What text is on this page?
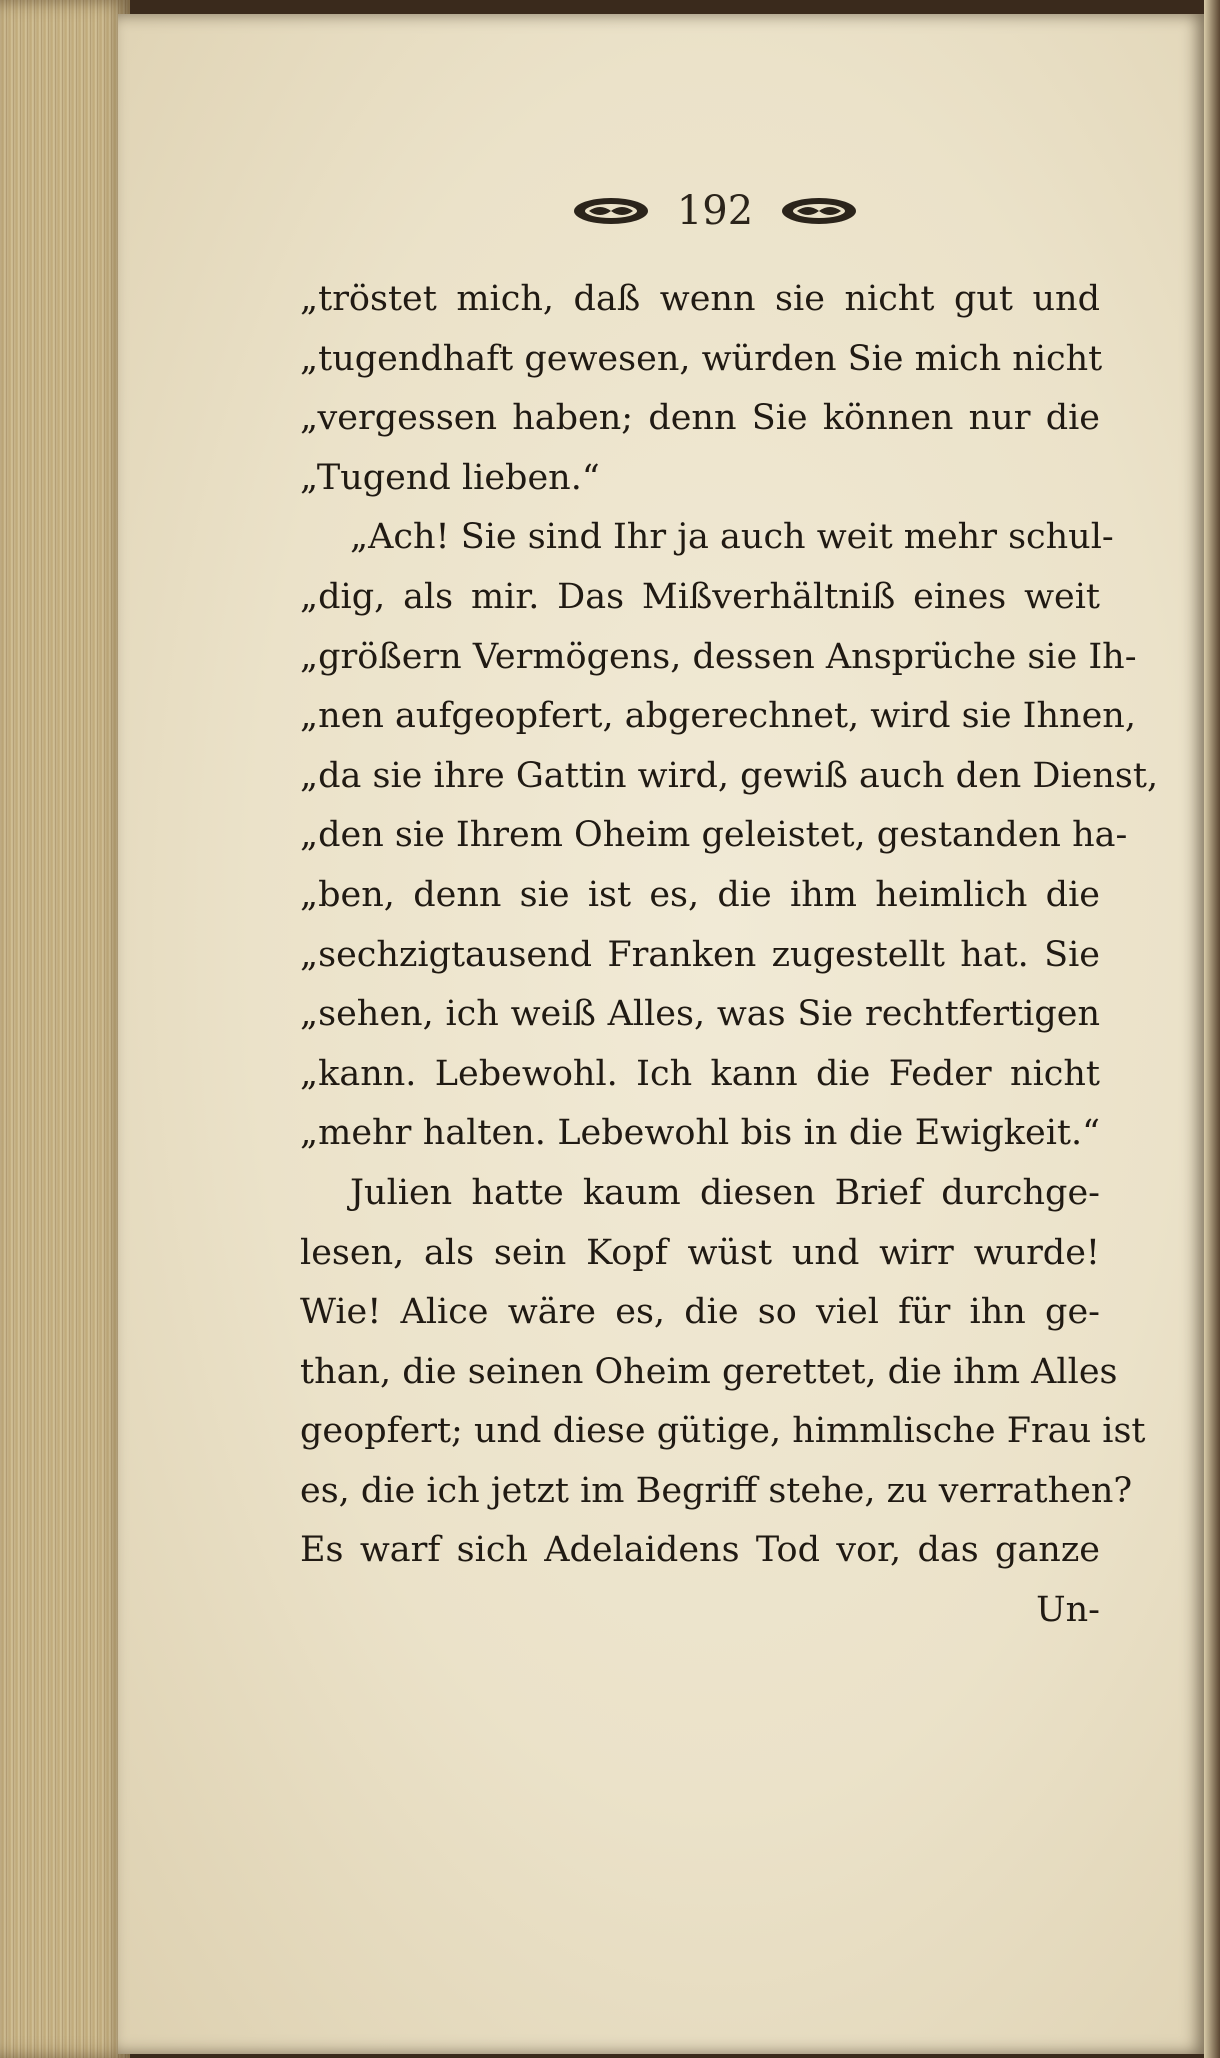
192
„tröstet mich, daß wenn sie nicht gut und
„tugendhaft gewesen, würden Sie mich nicht
„vergessen haben; denn Sie können nur die
„Tugend lieben.“
„Ach! Sie sind Ihr ja auch weit mehr schul-
„dig, als mir. Das Mißverhältniß eines weit
„größern Vermögens, dessen Ansprüche sie Ih-
„nen aufgeopfert, abgerechnet, wird sie Ihnen,
„da sie ihre Gattin wird, gewiß auch den Dienst,
„den sie Ihrem Oheim geleistet, gestanden ha-
„ben, denn sie ist es, die ihm heimlich die
„sechzigtausend Franken zugestellt hat. Sie
„sehen, ich weiß Alles, was Sie rechtfertigen
„kann. Lebewohl. Ich kann die Feder nicht
„mehr halten. Lebewohl bis in die Ewigkeit.“
Julien hatte kaum diesen Brief durchge-
lesen, als sein Kopf wüst und wirr wurde!
Wie! Alice wäre es, die so viel für ihn ge-
than, die seinen Oheim gerettet, die ihm Alles
geopfert; und diese gütige, himmlische Frau ist
es, die ich jetzt im Begriff stehe, zu verrathen?
Es warf sich Adelaidens Tod vor, das ganze
Un-
